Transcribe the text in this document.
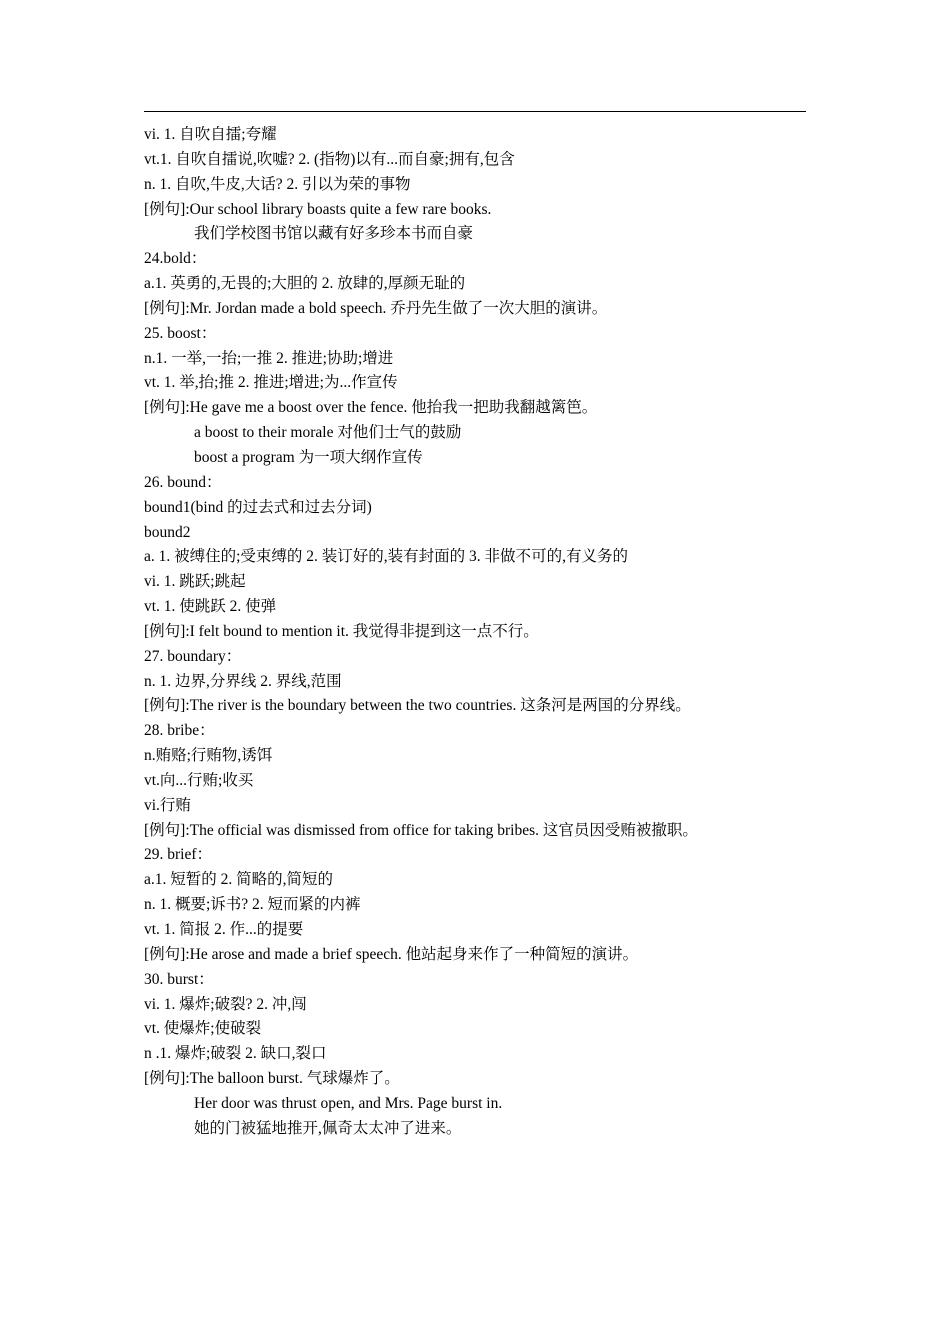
vi. 1. 自吹自擂;夸耀
vt.1. 自吹自擂说,吹嘘? 2. (指物)以有...而自豪;拥有,包含
n. 1. 自吹,牛皮,大话? 2. 引以为荣的事物
[例句]:Our school library boasts quite a few rare books.
我们学校图书馆以藏有好多珍本书而自豪
24.bold：
a.1. 英勇的,无畏的;大胆的 2. 放肆的,厚颜无耻的
[例句]:Mr. Jordan made a bold speech. 乔丹先生做了一次大胆的演讲。
25. boost：
n.1. 一举,一抬;一推 2. 推进;协助;增进
vt. 1. 举,抬;推 2. 推进;增进;为...作宣传
[例句]:He gave me a boost over the fence. 他抬我一把助我翻越篱笆。
a boost to their morale 对他们士气的鼓励
boost a program 为一项大纲作宣传
26. bound：
bound1(bind 的过去式和过去分词)
bound2
a. 1. 被缚住的;受束缚的 2. 装订好的,装有封面的 3. 非做不可的,有义务的
vi. 1. 跳跃;跳起
vt. 1. 使跳跃 2. 使弹
[例句]:I felt bound to mention it. 我觉得非提到这一点不行。
27. boundary：
n. 1. 边界,分界线 2. 界线,范围
[例句]:The river is the boundary between the two countries. 这条河是两国的分界线。
28. bribe：
n.贿赂;行贿物,诱饵
vt.向...行贿;收买
vi.行贿
[例句]:The official was dismissed from office for taking bribes. 这官员因受贿被撤职。
29. brief：
a.1. 短暂的 2. 简略的,简短的
n. 1. 概要;诉书? 2. 短而紧的内裤
vt. 1. 简报 2. 作...的提要
[例句]:He arose and made a brief speech. 他站起身来作了一种简短的演讲。
30. burst：
vi. 1. 爆炸;破裂? 2. 冲,闯
vt. 使爆炸;使破裂
n .1. 爆炸;破裂 2. 缺口,裂口
[例句]:The balloon burst. 气球爆炸了。
Her door was thrust open, and Mrs. Page burst in.
她的门被猛地推开,佩奇太太冲了进来。
